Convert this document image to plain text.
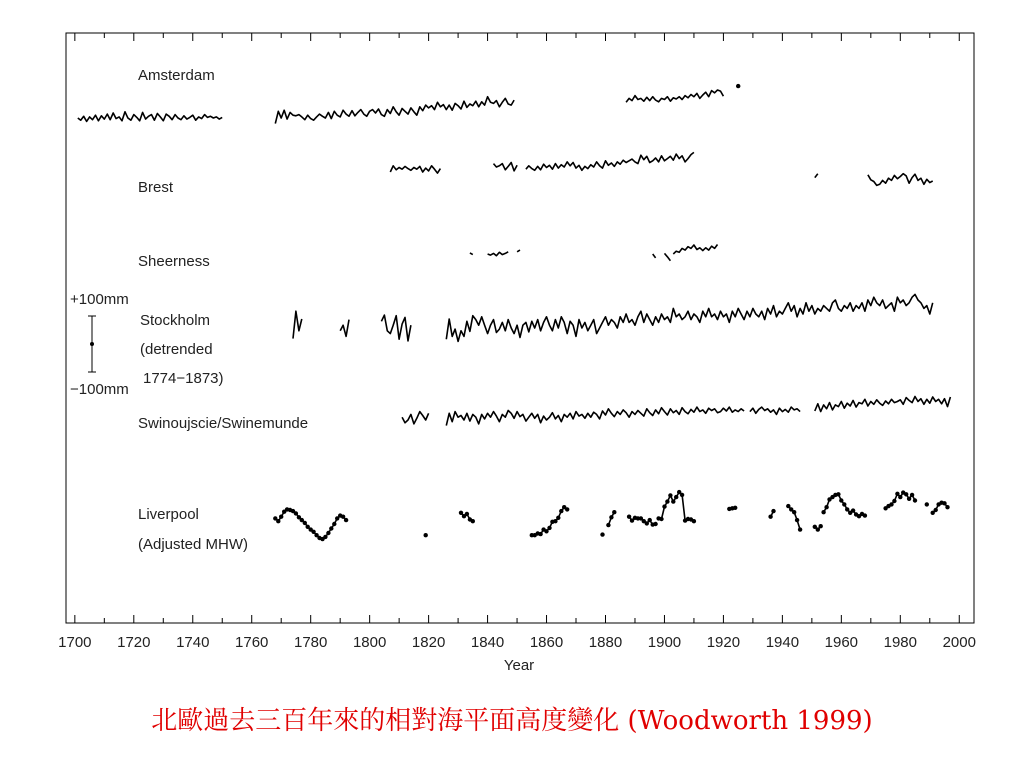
Amsterdam
Brest
Sheerness
Stockholm
(detrended
1774−1873)
Swinoujscie/Swinemunde
Liverpool
(Adjusted MHW)
1700 1720 1740 1760 1780 1800 1820 1840 1860 1880 1900 1920 1940 1960 1980 2000
+100mm
−100mm
Year
北歐過去三百年來的相對海平面高度變化 (Woodworth 1999)
